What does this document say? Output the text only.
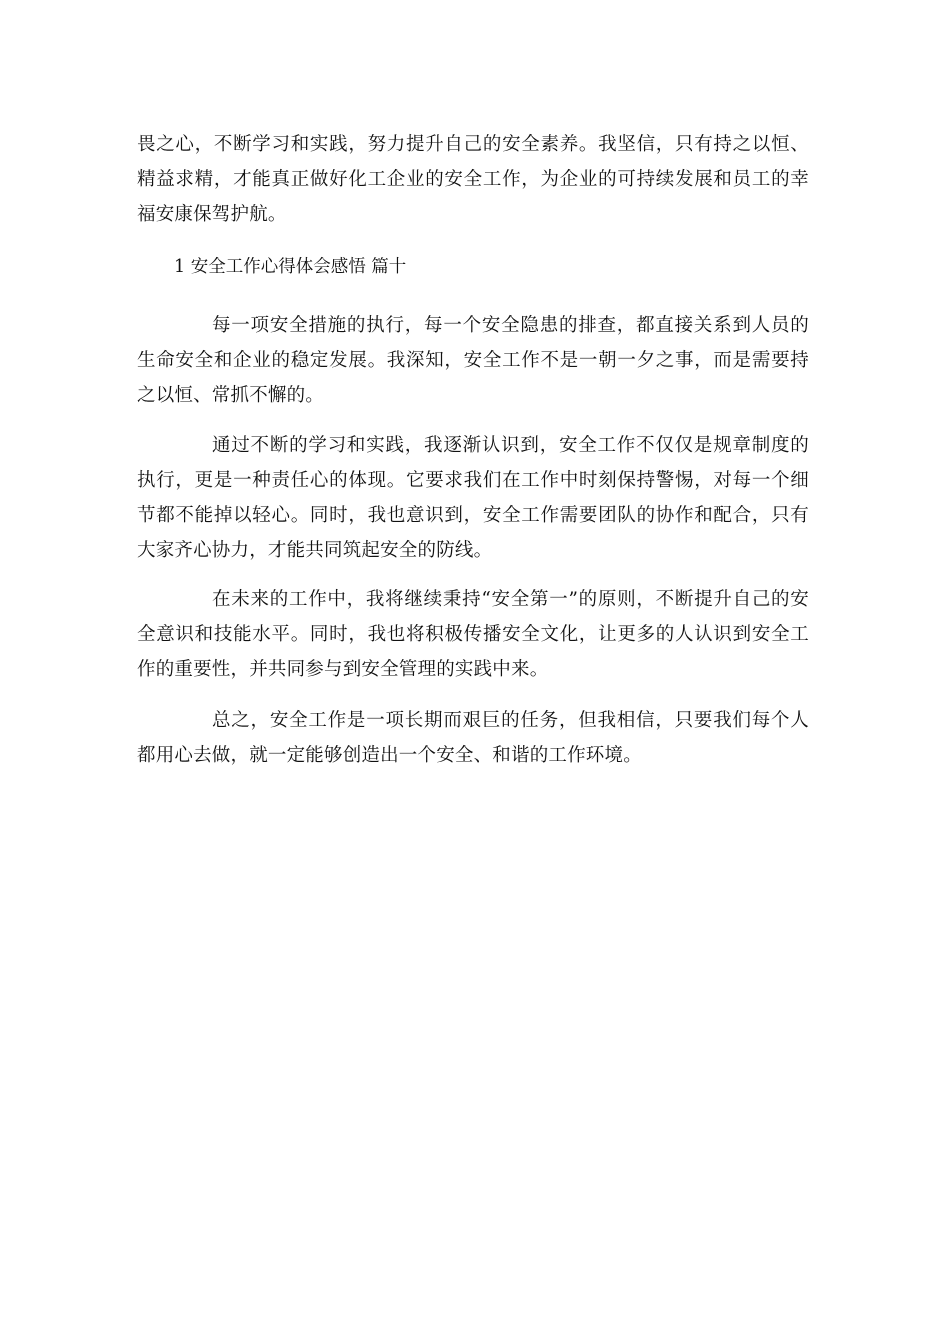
畏之心，不断学习和实践，努力提升自己的安全素养。我坚信，只有持之以恒、精益求精，才能真正做好化工企业的安全工作，为企业的可持续发展和员工的幸福安康保驾护航。
1 安全工作心得体会感悟 篇十
每一项安全措施的执行，每一个安全隐患的排查，都直接关系到人员的生命安全和企业的稳定发展。我深知，安全工作不是一朝一夕之事，而是需要持之以恒、常抓不懈的。
通过不断的学习和实践，我逐渐认识到，安全工作不仅仅是规章制度的执行，更是一种责任心的体现。它要求我们在工作中时刻保持警惕，对每一个细节都不能掉以轻心。同时，我也意识到，安全工作需要团队的协作和配合，只有大家齐心协力，才能共同筑起安全的防线。
在未来的工作中，我将继续秉持“安全第一”的原则，不断提升自己的安全意识和技能水平。同时，我也将积极传播安全文化，让更多的人认识到安全工作的重要性，并共同参与到安全管理的实践中来。
总之，安全工作是一项长期而艰巨的任务，但我相信，只要我们每个人都用心去做，就一定能够创造出一个安全、和谐的工作环境。
